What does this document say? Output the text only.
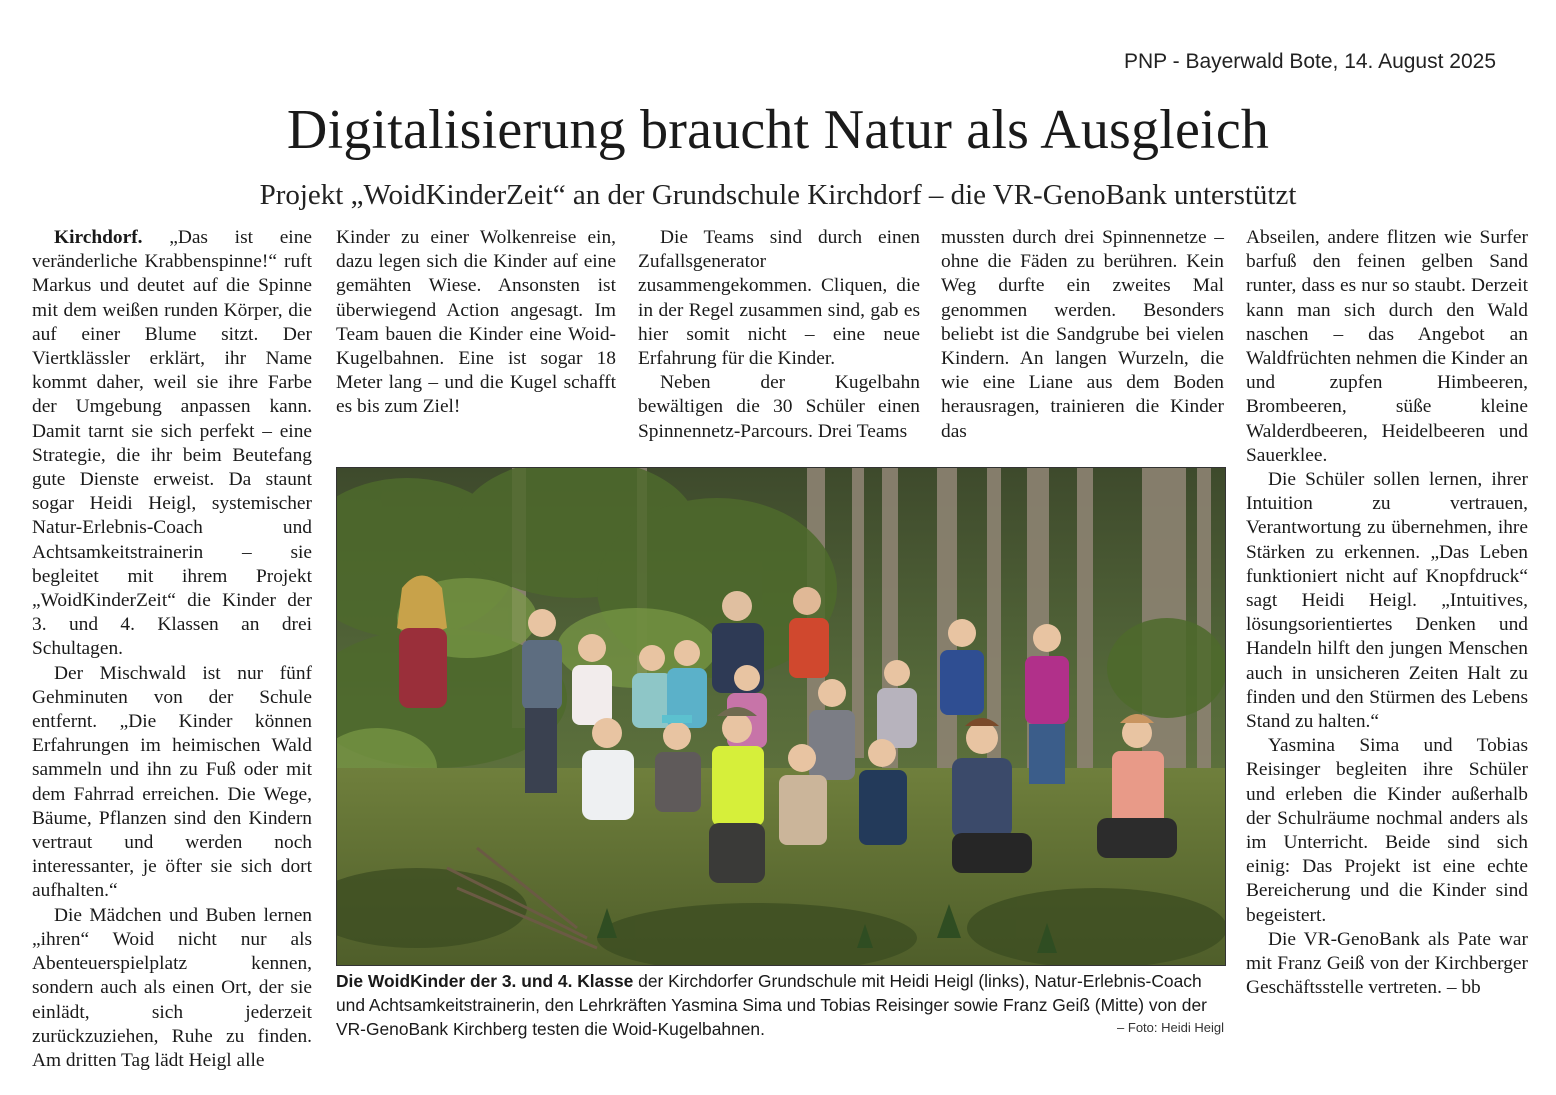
PNP - Bayerwald Bote, 14. August 2025
Digitalisierung braucht Natur als Ausgleich
Projekt „WoidKinderZeit“ an der Grundschule Kirchdorf – die VR-GenoBank unterstützt

Kirchdorf. „Das ist eine veränderliche Krabbenspinne!“ ruft Markus und deutet auf die Spinne mit dem weißen runden Körper, die auf einer Blume sitzt. Der Viertklässler erklärt, ihr Name kommt daher, weil sie ihre Farbe der Umgebung anpassen kann. Damit tarnt sie sich perfekt – eine Strategie, die ihr beim Beutefang gute Dienste erweist. Da staunt sogar Heidi Heigl, systemischer Natur-Erlebnis-Coach und Achtsamkeitstrainerin – sie begleitet mit ihrem Projekt „WoidKinderZeit“ die Kinder der 3. und 4. Klassen an drei Schultagen.

Der Mischwald ist nur fünf Gehminuten von der Schule entfernt. „Die Kinder können Erfahrungen im heimischen Wald sammeln und ihn zu Fuß oder mit dem Fahrrad erreichen. Die Wege, Bäume, Pflanzen sind den Kindern vertraut und werden noch interessanter, je öfter sie sich dort aufhalten.“

Die Mädchen und Buben lernen „ihren“ Woid nicht nur als Abenteuerspielplatz kennen, sondern auch als einen Ort, der sie einlädt, sich jederzeit zurückzuziehen, Ruhe zu finden. Am dritten Tag lädt Heigl alle

Kinder zu einer Wolkenreise ein, dazu legen sich die Kinder auf eine gemähten Wiese. Ansonsten ist überwiegend Action angesagt. Im Team bauen die Kinder eine Woid-Kugelbahnen. Eine ist sogar 18 Meter lang – und die Kugel schafft es bis zum Ziel!

Die Teams sind durch einen Zufallsgenerator zusammengekommen. Cliquen, die in der Regel zusammen sind, gab es hier somit nicht – eine neue Erfahrung für die Kinder.

Neben der Kugelbahn bewältigen die 30 Schüler einen Spinnennetz-Parcours. Drei Teams

mussten durch drei Spinnennetze – ohne die Fäden zu berühren. Kein Weg durfte ein zweites Mal genommen werden. Besonders beliebt ist die Sandgrube bei vielen Kindern. An langen Wurzeln, die wie eine Liane aus dem Boden herausragen, trainieren die Kinder das

Abseilen, andere flitzen wie Surfer barfuß den feinen gelben Sand runter, dass es nur so staubt. Derzeit kann man sich durch den Wald naschen – das Angebot an Waldfrüchten nehmen die Kinder an und zupfen Himbeeren, Brombeeren, süße kleine Walderdbeeren, Heidelbeeren und Sauerklee.

Die Schüler sollen lernen, ihrer Intuition zu vertrauen, Verantwortung zu übernehmen, ihre Stärken zu erkennen. „Das Leben funktioniert nicht auf Knopfdruck“ sagt Heidi Heigl. „Intuitives, lösungsorientiertes Denken und Handeln hilft den jungen Menschen auch in unsicheren Zeiten Halt zu finden und den Stürmen des Lebens Stand zu halten.“

Yasmina Sima und Tobias Reisinger begleiten ihre Schüler und erleben die Kinder außerhalb der Schulräume nochmal anders als im Unterricht. Beide sind sich einig: Das Projekt ist eine echte Bereicherung und die Kinder sind begeistert.

Die VR-GenoBank als Pate war mit Franz Geiß von der Kirchberger Geschäftsstelle vertreten. – bb

Die WoidKinder der 3. und 4. Klasse der Kirchdorfer Grundschule mit Heidi Heigl (links), Natur-Erlebnis-Coach und Achtsamkeitstrainerin, den Lehrkräften Yasmina Sima und Tobias Reisinger sowie Franz Geiß (Mitte) von der VR-GenoBank Kirchberg testen die Woid-Kugelbahnen.	– Foto: Heidi Heigl
